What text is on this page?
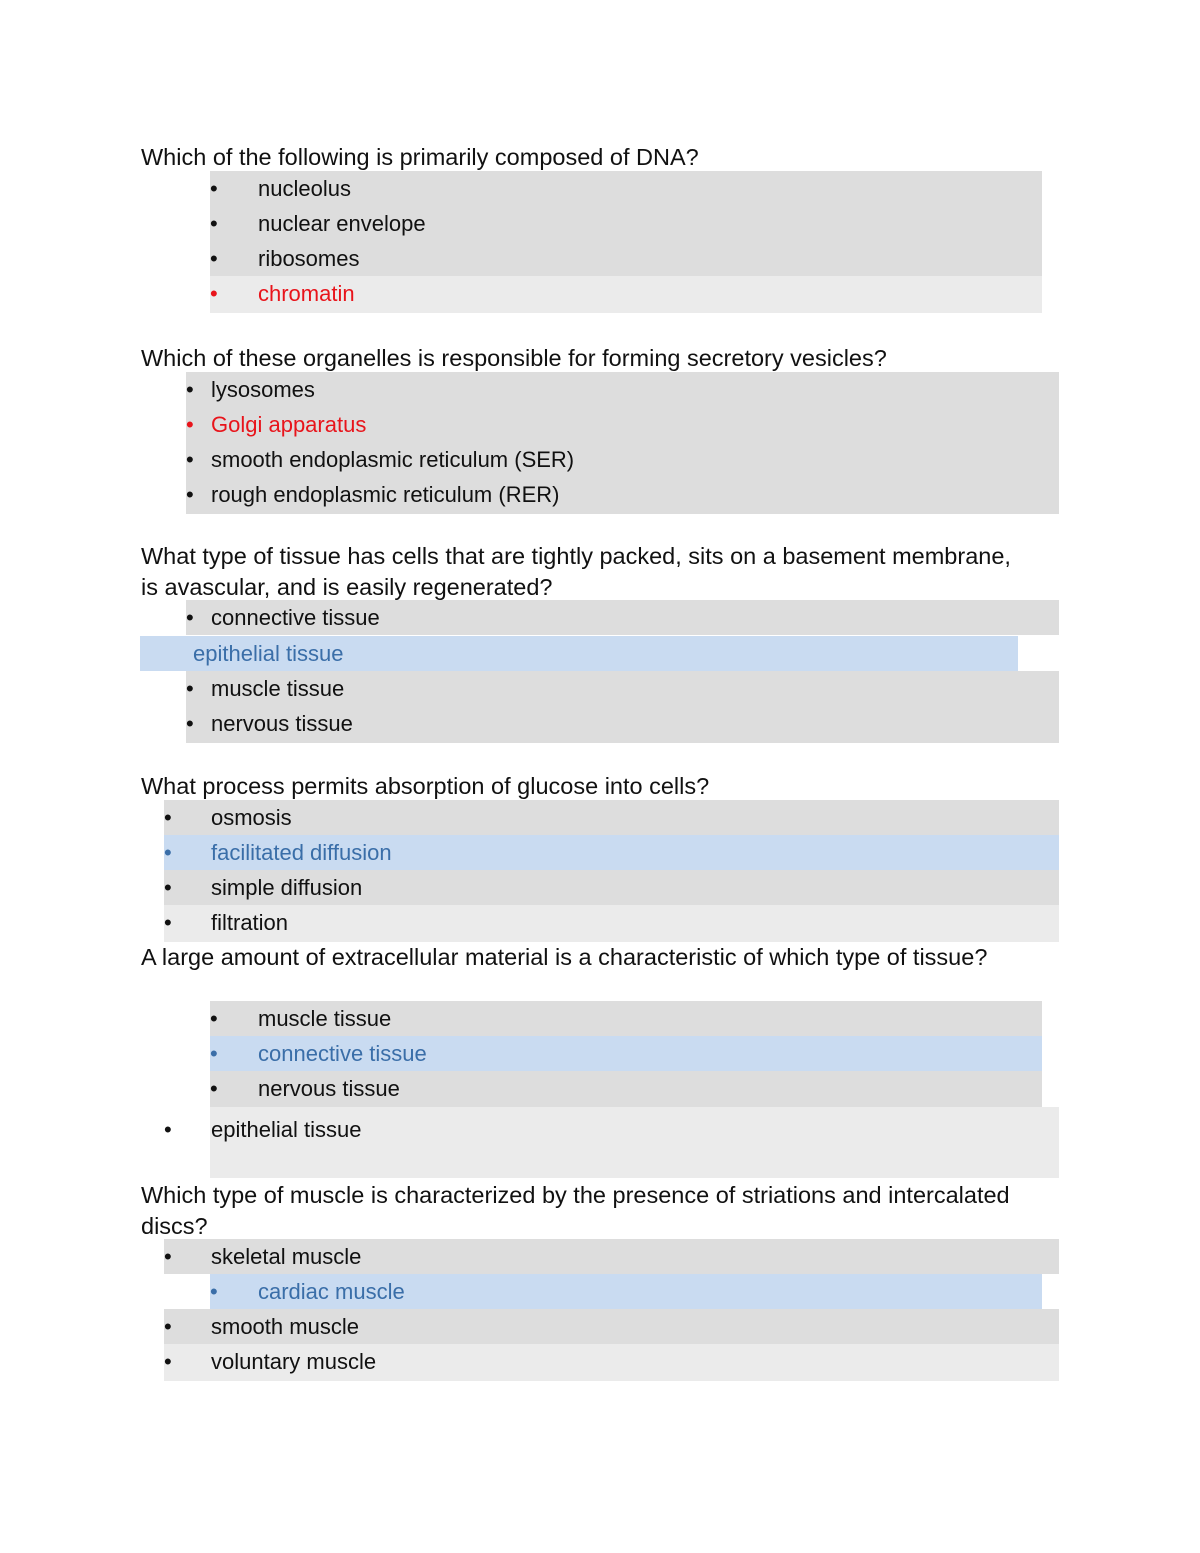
Which of the following is primarily composed of DNA?

• nucleolus
• nuclear envelope
• ribosomes
• chromatin

Which of these organelles is responsible for forming secretory vesicles?

• lysosomes
• Golgi apparatus
• smooth endoplasmic reticulum (SER)
• rough endoplasmic reticulum (RER)

What type of tissue has cells that are tightly packed, sits on a basement membrane, is avascular, and is easily regenerated?

• connective tissue
epithelial tissue
• muscle tissue
• nervous tissue

What process permits absorption of glucose into cells?

• osmosis
• facilitated diffusion
• simple diffusion
• filtration

A large amount of extracellular material is a characteristic of which type of tissue?

• muscle tissue
• connective tissue
• nervous tissue
• epithelial tissue

Which type of muscle is characterized by the presence of striations and intercalated discs?

• skeletal muscle
• cardiac muscle
• smooth muscle
• voluntary muscle
